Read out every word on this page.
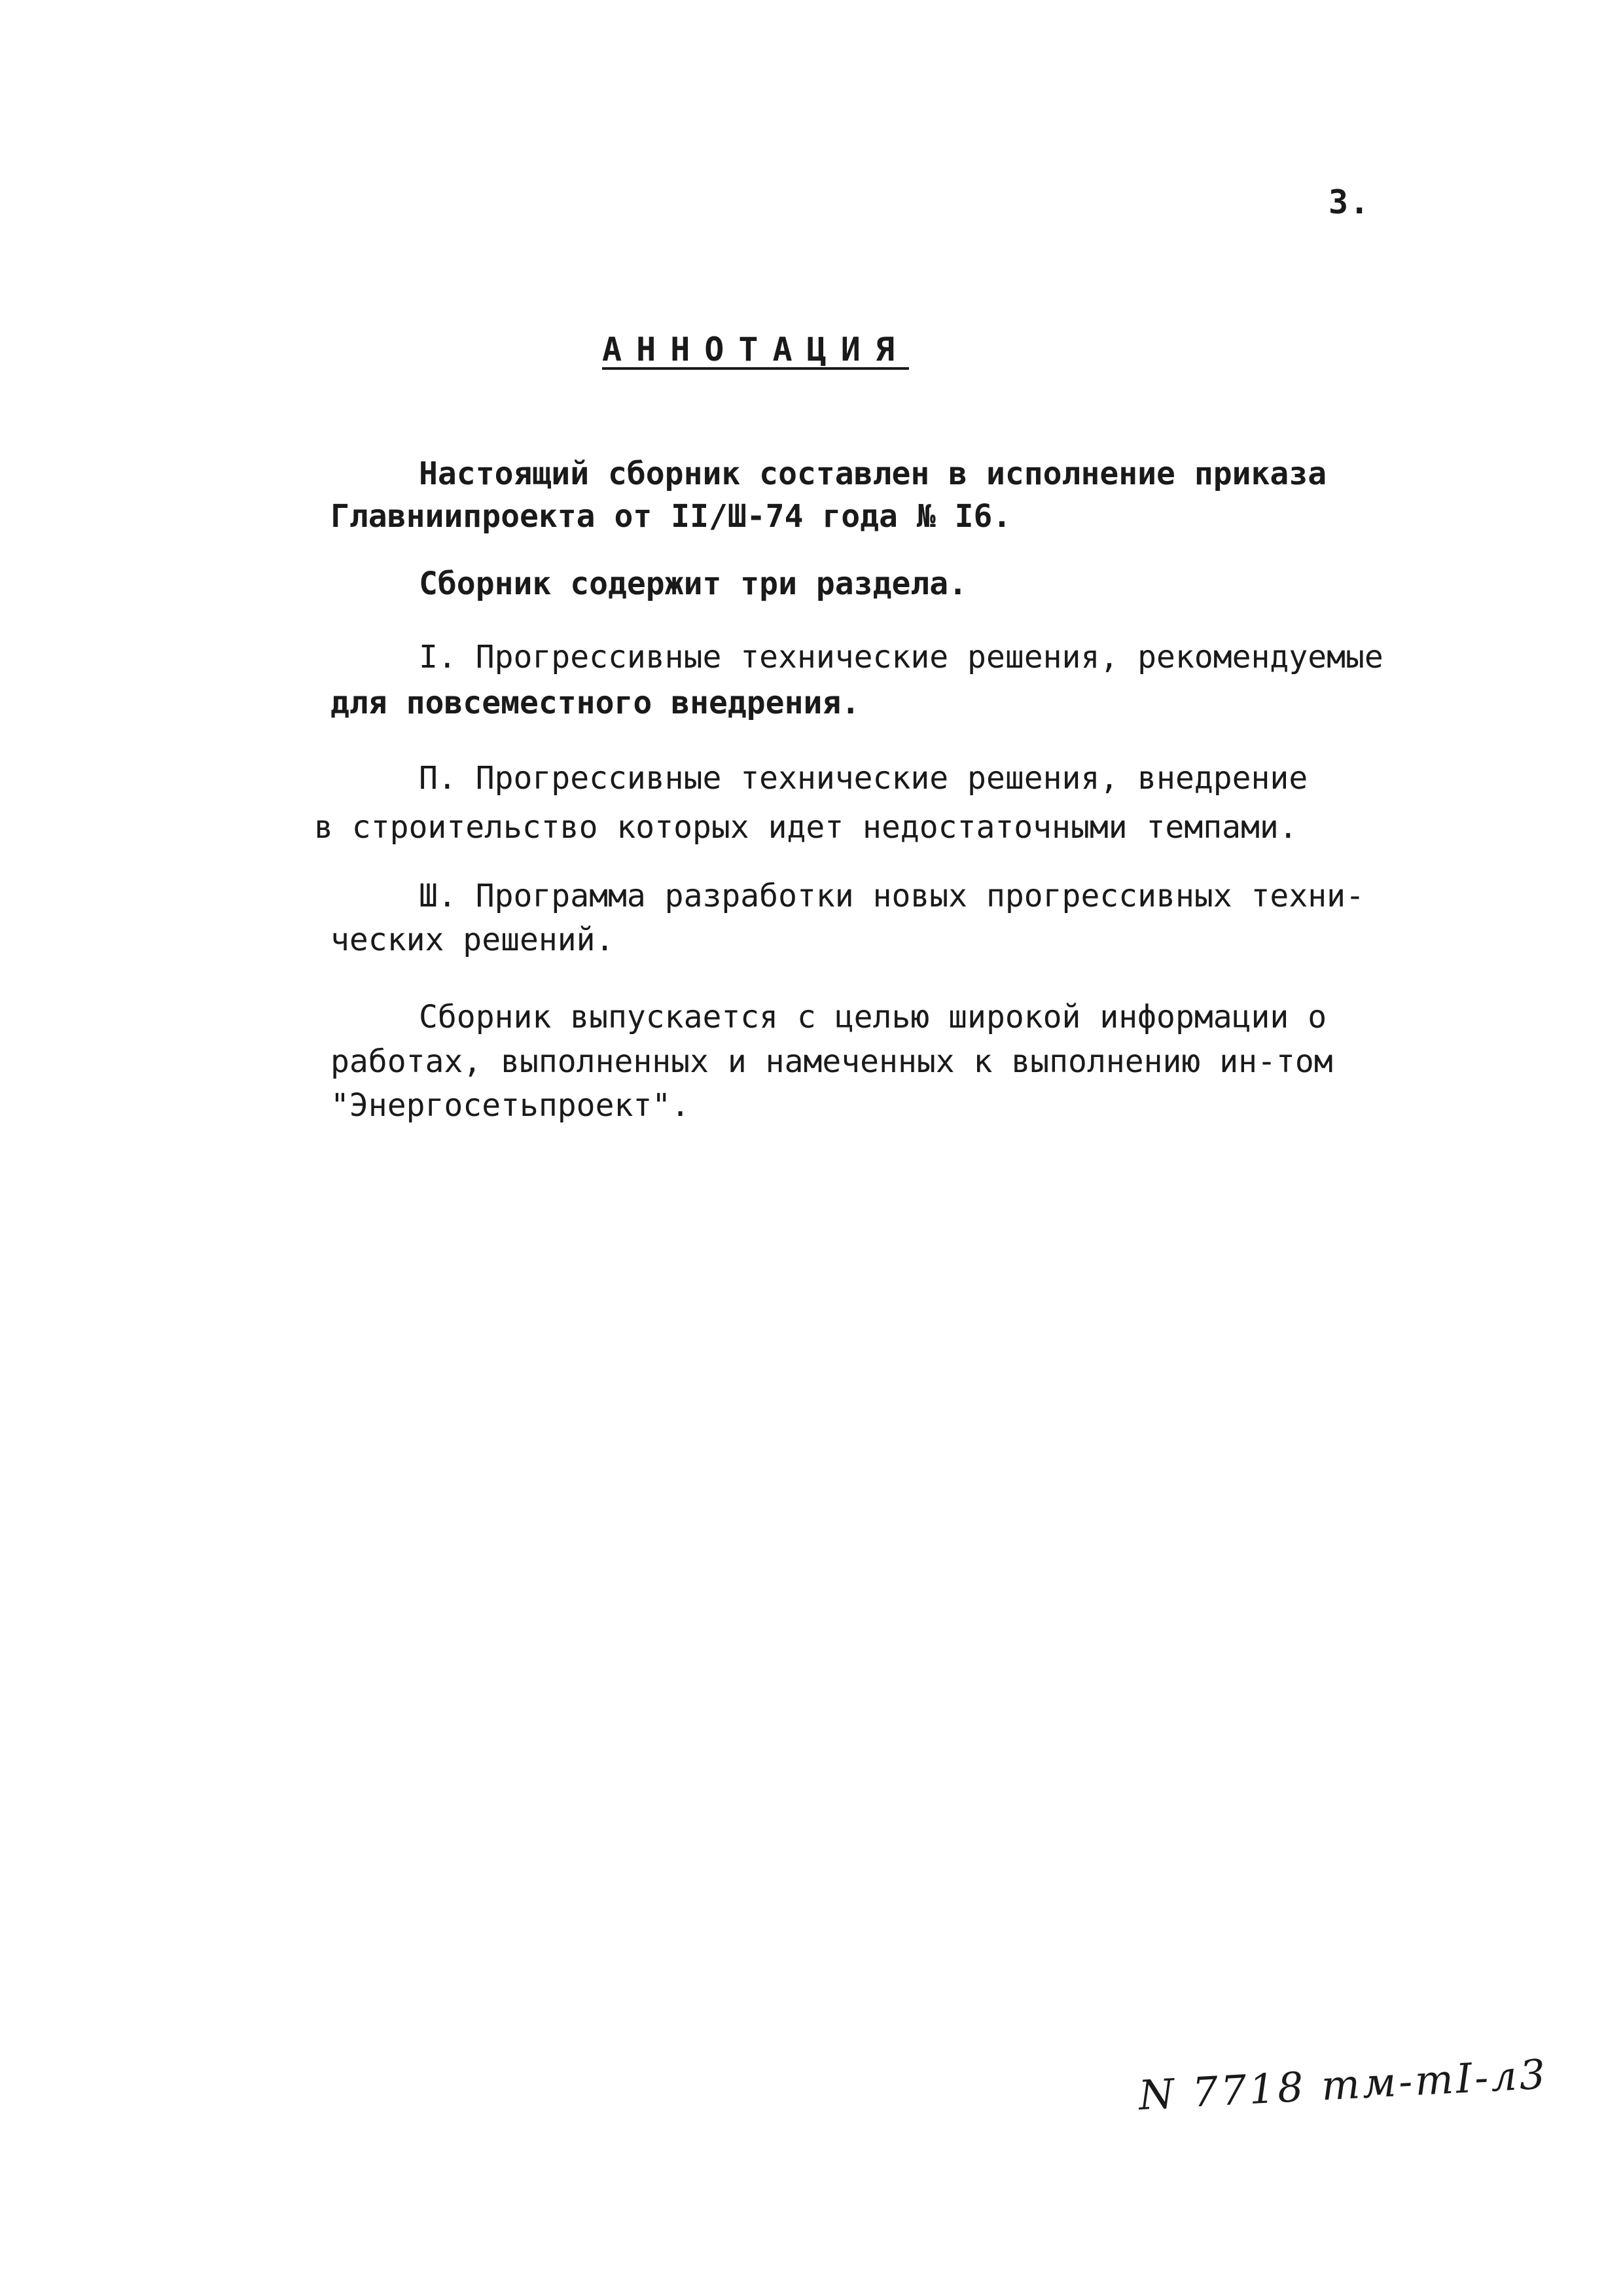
3.
АННОТАЦИЯ
Настоящий сборник составлен в исполнение приказа
Главниипроекта от II/Ш-74 года № I6.
Сборник содержит три раздела.
I. Прогрессивные технические решения, рекомендуемые
для повсеместного внедрения.
П. Прогрессивные технические решения, внедрение
в строительство которых идет недостаточными темпами.
Ш. Программа разработки новых прогрессивных техни-
ческих решений.
Сборник выпускается с целью широкой информации о
работах, выполненных и намеченных к выполнению ин-том
"Энергосетьпроект".
N 7718 тм-тI-л3
